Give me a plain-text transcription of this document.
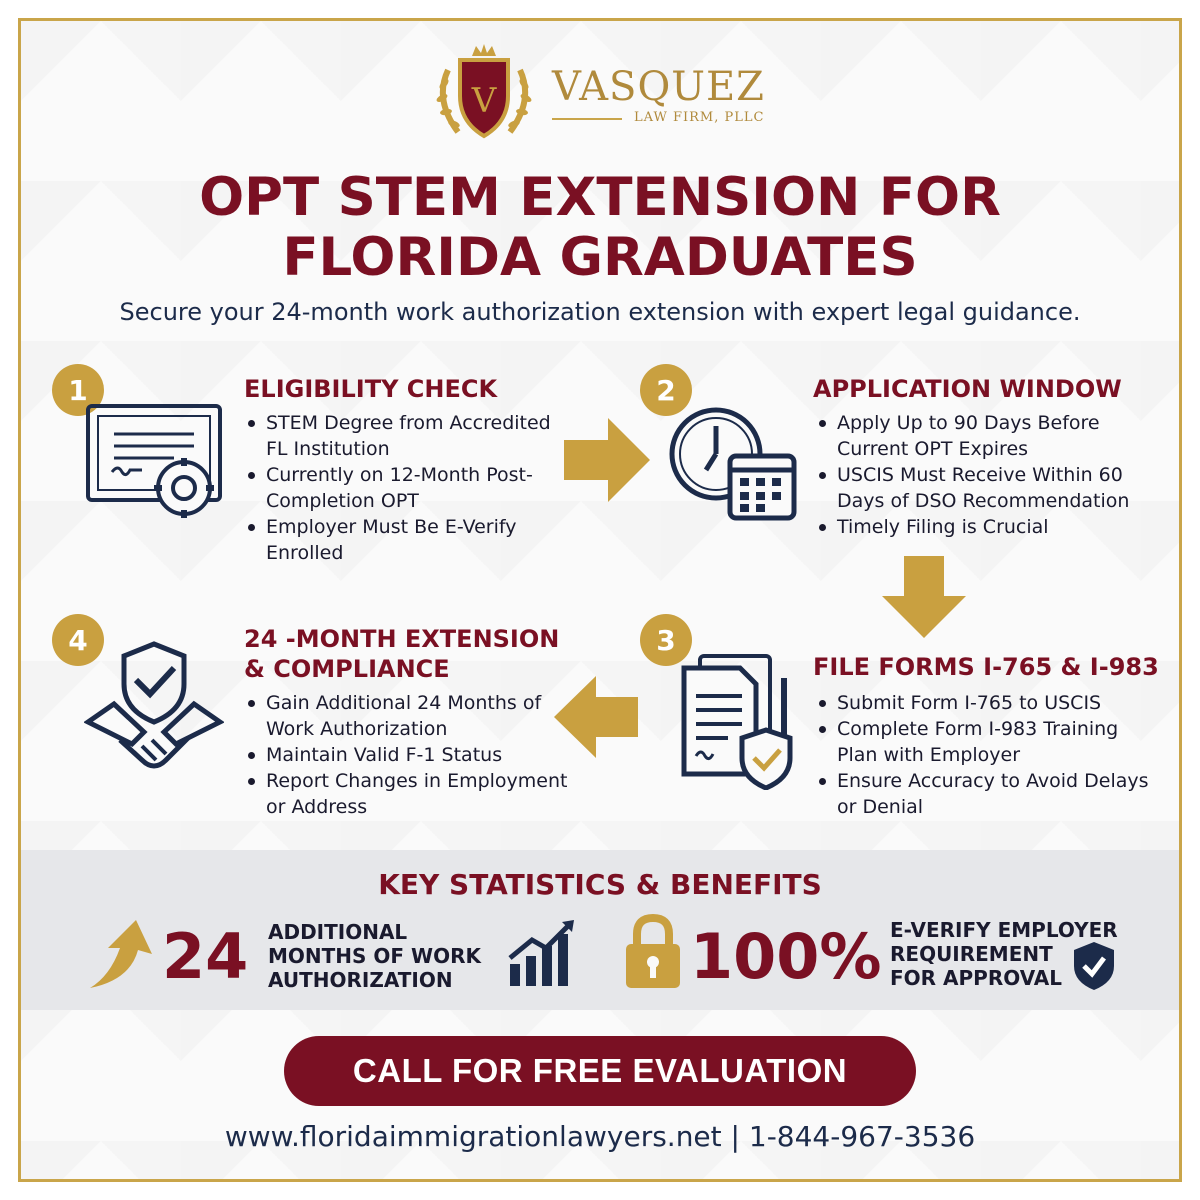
V VASQUEZ
LAW FIRM, PLLC
OPT STEM EXTENSION FOR
FLORIDA GRADUATES
Secure your 24-month work authorization extension with expert legal guidance.
1	ELIGIBILITY CHECK
STEM Degree from Accredited FL Institution
Currently on 12-Month Post-Completion OPT
Employer Must Be E-Verify Enrolled
2	APPLICATION WINDOW
Apply Up to 90 Days Before Current OPT Expires
USCIS Must Receive Within 60 Days of DSO Recommendation
Timely Filing is Crucial
3
FILE FORMS I-765 & I-983
Submit Form I-765 to USCIS
Complete Form I-983 Training Plan with Employer
Ensure Accuracy to Avoid Delays or Denial
4	24 -MONTH EXTENSION
& COMPLIANCE
Gain Additional 24 Months of Work Authorization
Maintain Valid F-1 Status
Report Changes in Employment or Address
KEY STATISTICS & BENEFITS
24 ADDITIONAL
MONTHS OF WORK
AUTHORIZATION	100% E-VERIFY EMPLOYER
REQUIREMENT
FOR APPROVAL
CALL FOR FREE EVALUATION
www.floridaimmigrationlawyers.net | 1-844-967-3536
